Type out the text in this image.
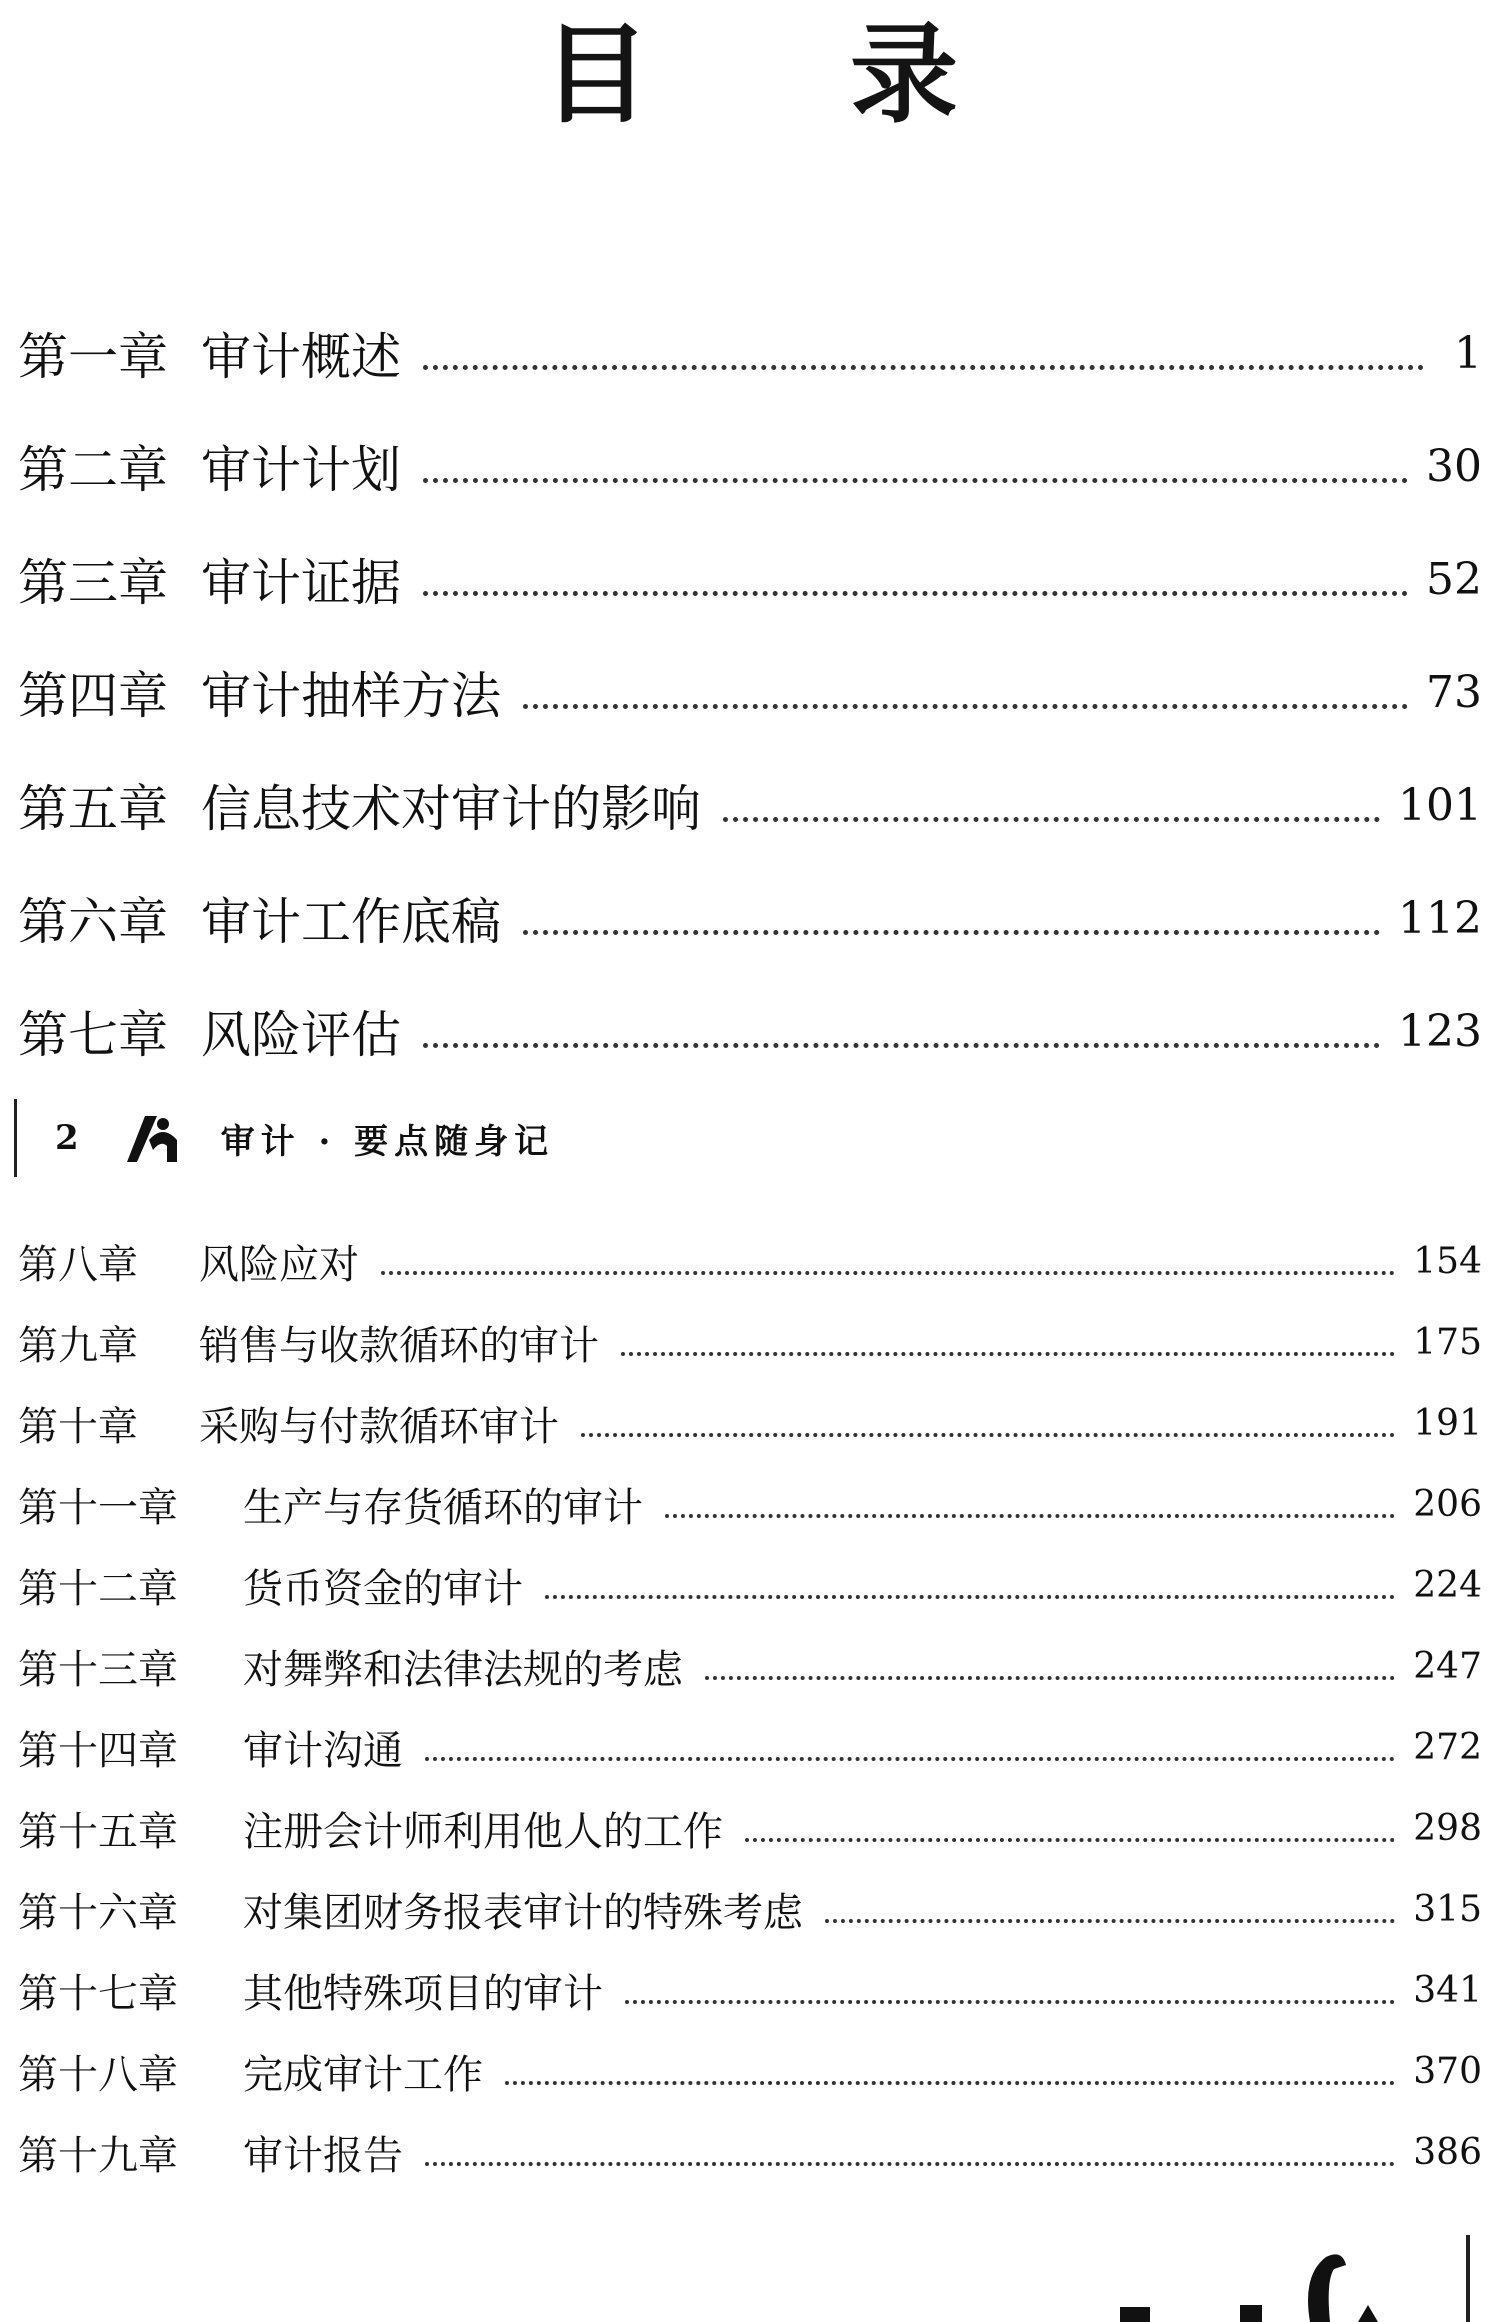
目 录
第一章 审计概述	1
第二章 审计计划	30
第三章 审计证据	52
第四章 审计抽样方法	73
第五章 信息技术对审计的影响	101
第六章 审计工作底稿	112
第七章 风险评估	123
2	审计 · 要点随身记
第八章	风险应对	154
第九章	销售与收款循环的审计	175
第十章	采购与付款循环审计	191
第十一章	生产与存货循环的审计	206
第十二章	货币资金的审计	224
第十三章	对舞弊和法律法规的考虑	247
第十四章	审计沟通	272
第十五章	注册会计师利用他人的工作	298
第十六章	对集团财务报表审计的特殊考虑	315
第十七章	其他特殊项目的审计	341
第十八章	完成审计工作	370
第十九章	审计报告	386
